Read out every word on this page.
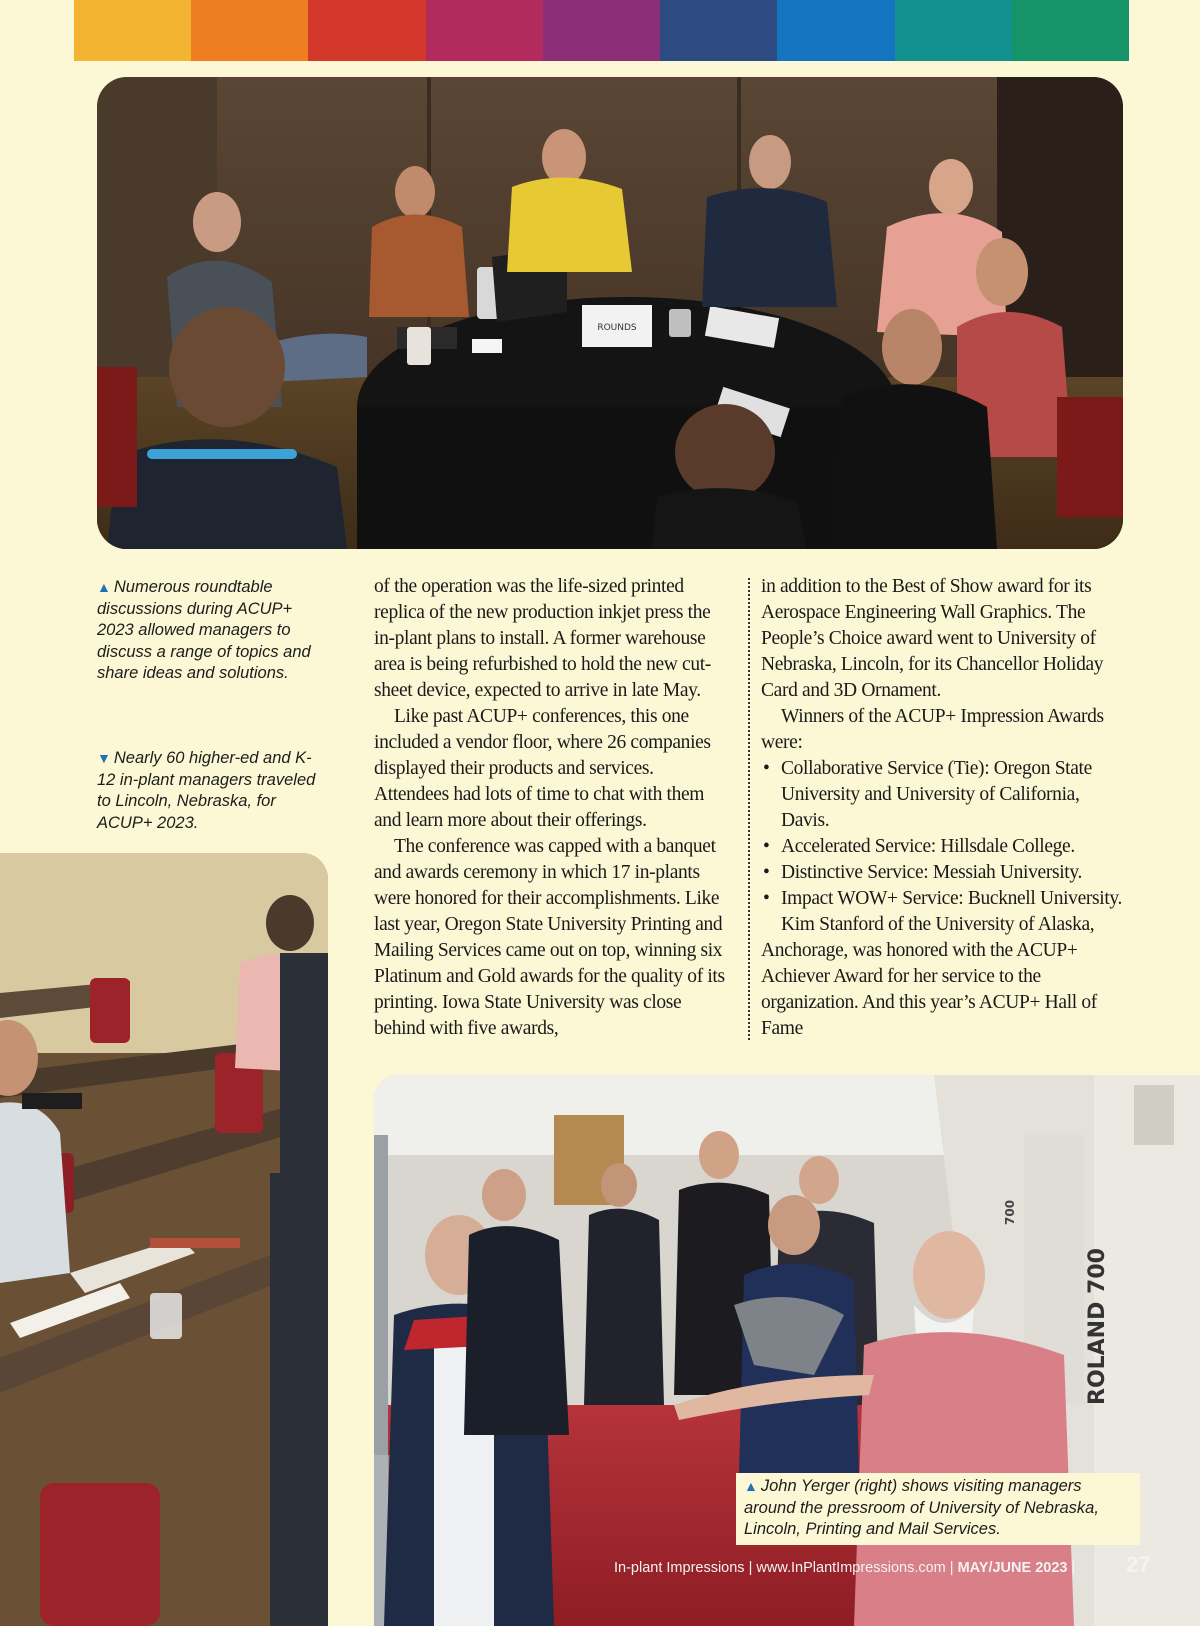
ROUNDS
▲ Numerous roundtable discussions during ACUP+ 2023 allowed managers to discuss a range of topics and share ideas and solutions.
▼ Nearly 60 higher-ed and K-12 in-plant managers traveled to Lincoln, Nebraska, for ACUP+ 2023.

of the operation was the life-sized printed replica of the new production inkjet press the in-plant plans to install. A former warehouse area is being refurbished to hold the new cut-sheet device, expected to arrive in late May.

Like past ACUP+ conferences, this one included a vendor floor, where 26 companies displayed their products and services. Attendees had lots of time to chat with them and learn more about their offerings.

The conference was capped with a banquet and awards ceremony in which 17 in-plants were honored for their accomplishments. Like last year, Oregon State University Printing and Mailing Services came out on top, winning six Platinum and Gold awards for the quality of its printing. Iowa State University was close behind with five awards,

in addition to the Best of Show award for its Aerospace Engineering Wall Graphics. The People’s Choice award went to University of Nebraska, Lincoln, for its Chancellor Holiday Card and 3D Ornament.

Winners of the ACUP+ Impression Awards were:

• Collaborative Service (Tie): Oregon State University and University of California, Davis.
• Accelerated Service: Hillsdale College.
• Distinctive Service: Messiah University.
• Impact WOW+ Service: Bucknell University.

Kim Stanford of the University of Alaska, Anchorage, was honored with the ACUP+ Achiever Award for her service to the organization. And this year’s ACUP+ Hall of Fame

ROLAND 700
700
▲ John Yerger (right) shows visiting managers around the pressroom of University of Nebraska, Lincoln, Printing and Mail Services.
In-plant Impressions | www.InPlantImpressions.com | MAY/JUNE 2023 | 27
